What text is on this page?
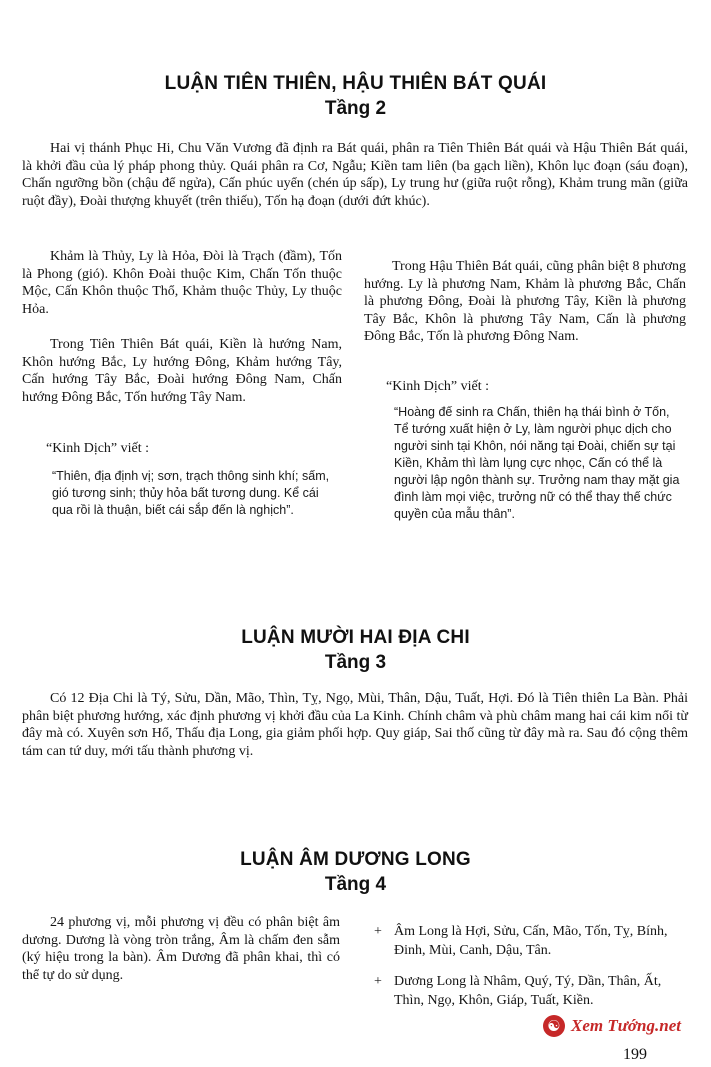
LUẬN TIÊN THIÊN, HẬU THIÊN BÁT QUÁI
Tầng 2

Hai vị thánh Phục Hi, Chu Văn Vương đã định ra Bát quái, phân ra Tiên Thiên Bát quái và Hậu Thiên Bát quái, là khởi đầu của lý pháp phong thủy. Quái phân ra Cơ, Ngẫu; Kiền tam liên (ba gạch liền), Khôn lục đoạn (sáu đoạn), Chấn ngưỡng bồn (chậu để ngửa), Cấn phúc uyển (chén úp sấp), Ly trung hư (giữa ruột rỗng), Khảm trung mãn (giữa ruột đầy), Đoài thượng khuyết (trên thiếu), Tốn hạ đoạn (dưới đứt khúc).

Khảm là Thủy, Ly là Hỏa, Đòi là Trạch (đầm), Tốn là Phong (gió). Khôn Đoài thuộc Kim, Chấn Tốn thuộc Mộc, Cấn Khôn thuộc Thổ, Khảm thuộc Thủy, Ly thuộc Hỏa.

Trong Tiên Thiên Bát quái, Kiền là hướng Nam, Khôn hướng Bắc, Ly hướng Đông, Khảm hướng Tây, Cấn hướng Tây Bắc, Đoài hướng Đông Nam, Chấn hướng Đông Bắc, Tốn hướng Tây Nam.

“Kinh Dịch” viết :

“Thiên, địa định vị; sơn, trạch thông sinh khí; sấm, gió tương sinh; thủy hỏa bất tương dung. Kể cái qua rồi là thuận, biết cái sắp đến là nghịch”.

Trong Hậu Thiên Bát quái, cũng phân biệt 8 phương hướng. Ly là phương Nam, Khảm là phương Bắc, Chấn là phương Đông, Đoài là phương Tây, Kiền là phương Tây Bắc, Khôn là phương Tây Nam, Cấn là phương Đông Bắc, Tốn là phương Đông Nam.

“Kinh Dịch” viết :

“Hoàng đế sinh ra Chấn, thiên hạ thái bình ở Tốn, Tể tướng xuất hiện ở Ly, làm người phục dịch cho người sinh tại Khôn, nói năng tại Đoài, chiến sự tại Kiền, Khảm thì làm lụng cực nhọc, Cấn có thể là người lập ngôn thành sự. Trưởng nam thay mặt gia đình làm mọi việc, trưởng nữ có thể thay thế chức quyền của mẫu thân”.

LUẬN MƯỜI HAI ĐỊA CHI
Tầng 3

Có 12 Địa Chi là Tý, Sửu, Dần, Mão, Thìn, Tỵ, Ngọ, Mùi, Thân, Dậu, Tuất, Hợi. Đó là Tiên thiên La Bàn. Phải phân biệt phương hướng, xác định phương vị khởi đầu của La Kinh. Chính châm và phù châm mang hai cái kim nổi từ đây mà có. Xuyên sơn Hổ, Thấu địa Long, gia giảm phối hợp. Quy giáp, Sai thố cũng từ đây mà ra. Sau đó cộng thêm tám can tứ duy, mới tấu thành phương vị.

LUẬN ÂM DƯƠNG LONG
Tầng 4

24 phương vị, mỗi phương vị đều có phân biệt âm dương. Dương là vòng tròn trắng, Âm là chấm đen sẫm (ký hiệu trong la bàn). Âm Dương đã phân khai, thì có thể tự do sử dụng.

+ Âm Long là Hợi, Sửu, Cấn, Mão, Tốn, Tỵ, Bính, Đinh, Mùi, Canh, Dậu, Tân.
+ Dương Long là Nhâm, Quý, Tý, Dần, Thân, Ất, Thìn, Ngọ, Khôn, Giáp, Tuất, Kiền.
☯ Xem Tướng.net
199
